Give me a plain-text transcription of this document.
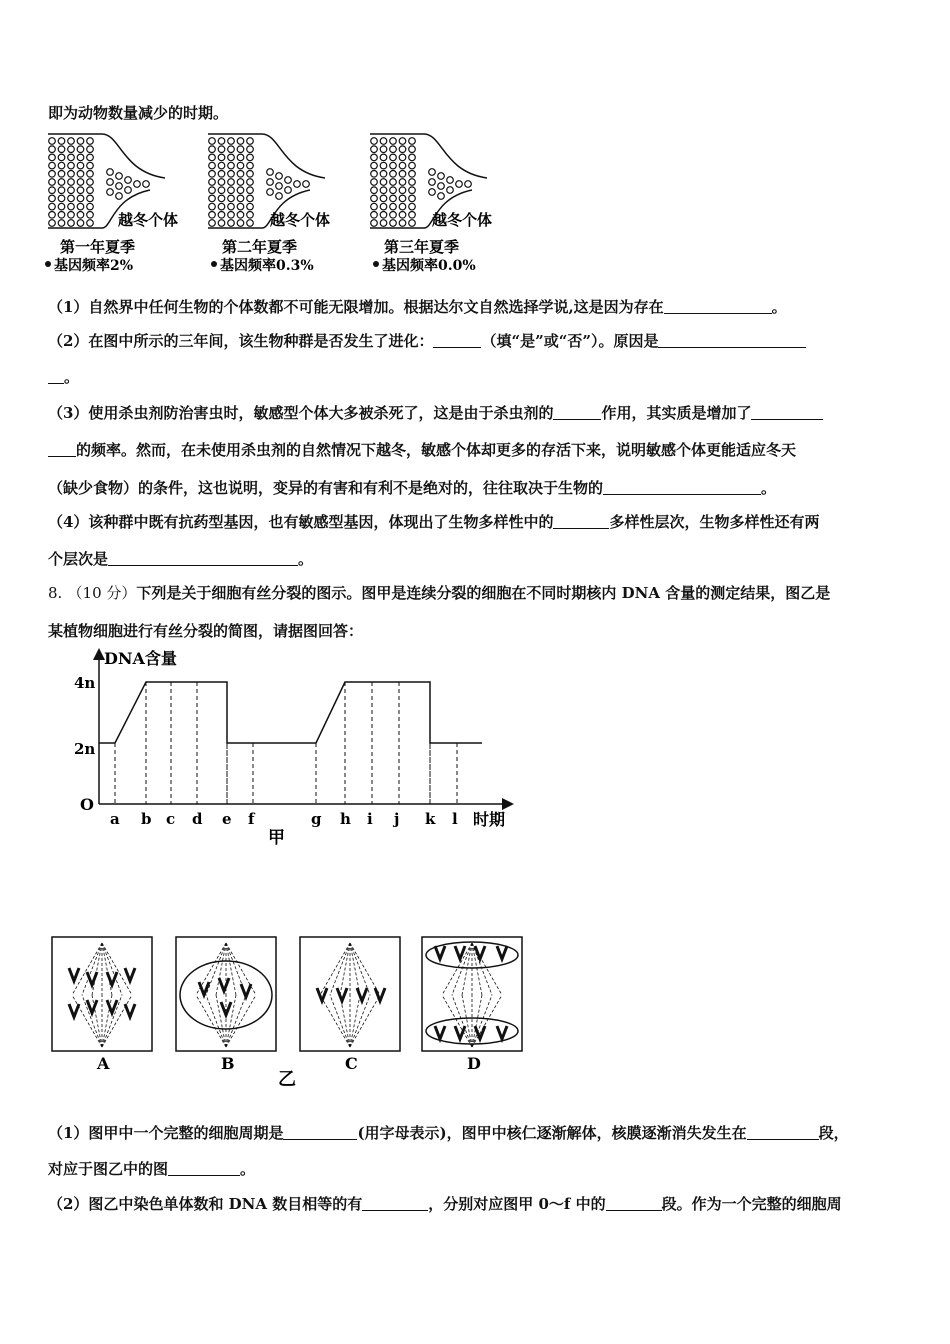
即为动物数量减少的时期。
越冬个体	越冬个体	越冬个体
第一年夏季	第二年夏季	第三年夏季
基因频率2%	基因频率0.3%	基因频率0.0%
（1）自然界中任何生物的个体数都不可能无限增加。根据达尔文自然选择学说,这是因为存在	。
（2）在图中所示的三年间，该生物种群是否发生了进化：	（填“是”或“否”）。原因是
。
（3）使用杀虫剂防治害虫时，敏感型个体大多被杀死了，这是由于杀虫剂的	作用，其实质是增加了
的频率。然而，在未使用杀虫剂的自然情况下越冬，敏感个体却更多的存活下来，说明敏感个体更能适应冬天
（缺少食物）的条件，这也说明，变异的有害和有利不是绝对的，往往取决于生物的	。
（4）该种群中既有抗药型基因，也有敏感型基因，体现出了生物多样性中的	多样性层次，生物多样性还有两
个层次是	。
8. （10 分）下列是关于细胞有丝分裂的图示。图甲是连续分裂的细胞在不同时期核内 DNA 含量的测定结果，图乙是
某植物细胞进行有丝分裂的简图，请据图回答：
DNA含量
时期
4n
2n
O
甲
a b c d e f	g h i j k l
乙
A	B	C	D
（1）图甲中一个完整的细胞周期是	(用字母表示)，图甲中核仁逐渐解体，核膜逐渐消失发生在	段，
对应于图乙中的图	。
（2）图乙中染色单体数和 DNA 数目相等的有	，分别对应图甲 0～f 中的	段。作为一个完整的细胞周
